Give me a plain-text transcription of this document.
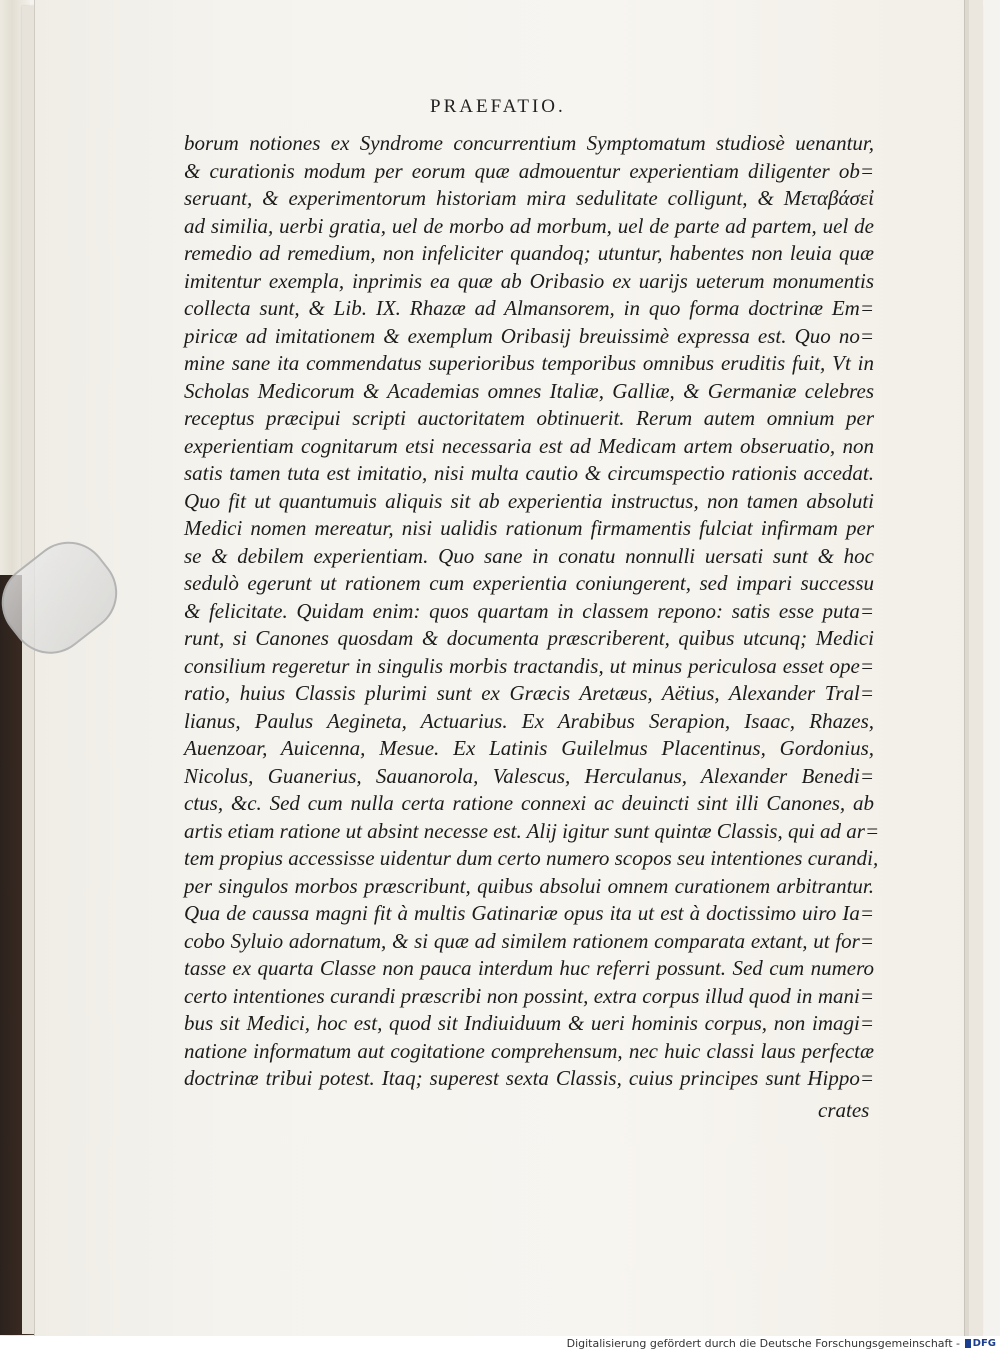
PRAEFATIO.
borum notiones ex Syndrome concurrentium Symptomatum studiosè uenantur,
& curationis modum per eorum quæ admouentur experientiam diligenter ob=
seruant, & experimentorum historiam mira sedulitate colligunt, & Μεταβάσεἰ
ad similia, uerbi gratia, uel de morbo ad morbum, uel de parte ad partem, uel de
remedio ad remedium, non infeliciter quandoq; utuntur, habentes non leuia quæ
imitentur exempla, inprimis ea quæ ab Oribasio ex uarijs ueterum monumentis
collecta sunt, & Lib. IX. Rhazæ ad Almansorem, in quo forma doctrinæ Em=
piricæ ad imitationem & exemplum Oribasij breuissimè expressa est. Quo no=
mine sane ita commendatus superioribus temporibus omnibus eruditis fuit, Vt in
Scholas Medicorum & Academias omnes Italiæ, Galliæ, & Germaniæ celebres
receptus præcipui scripti auctoritatem obtinuerit. Rerum autem omnium per
experientiam cognitarum etsi necessaria est ad Medicam artem obseruatio, non
satis tamen tuta est imitatio, nisi multa cautio & circumspectio rationis accedat.
Quo fit ut quantumuis aliquis sit ab experientia instructus, non tamen absoluti
Medici nomen mereatur, nisi ualidis rationum firmamentis fulciat infirmam per
se & debilem experientiam. Quo sane in conatu nonnulli uersati sunt & hoc
sedulò egerunt ut rationem cum experientia coniungerent, sed impari successu
& felicitate. Quidam enim: quos quartam in classem repono: satis esse puta=
runt, si Canones quosdam & documenta præscriberent, quibus utcunq; Medici
consilium regeretur in singulis morbis tractandis, ut minus periculosa esset ope=
ratio, huius Classis plurimi sunt ex Græcis Aretæus, Aëtius, Alexander Tral=
lianus, Paulus Aegineta, Actuarius. Ex Arabibus Serapion, Isaac, Rhazes,
Auenzoar, Auicenna, Mesue. Ex Latinis Guilelmus Placentinus, Gordonius,
Nicolus, Guanerius, Sauanorola, Valescus, Herculanus, Alexander Benedi=
ctus, &c. Sed cum nulla certa ratione connexi ac deuincti sint illi Canones, ab
artis etiam ratione ut absint necesse est. Alij igitur sunt quintæ Classis, qui ad ar=
tem propius accessisse uidentur dum certo numero scopos seu intentiones curandi,
per singulos morbos præscribunt, quibus absolui omnem curationem arbitrantur.
Qua de caussa magni fit à multis Gatinariæ opus ita ut est à doctissimo uiro Ia=
cobo Syluio adornatum, & si quæ ad similem rationem comparata extant, ut for=
tasse ex quarta Classe non pauca interdum huc referri possunt. Sed cum numero
certo intentiones curandi præscribi non possint, extra corpus illud quod in mani=
bus sit Medici, hoc est, quod sit Indiuiduum & ueri hominis corpus, non imagi=
natione informatum aut cogitatione comprehensum, nec huic classi laus perfectæ
doctrinæ tribui potest. Itaq; superest sexta Classis, cuius principes sunt Hippo=
crates
Digitalisierung gefördert durch die Deutsche Forschungsgemeinschaft -	DFG
